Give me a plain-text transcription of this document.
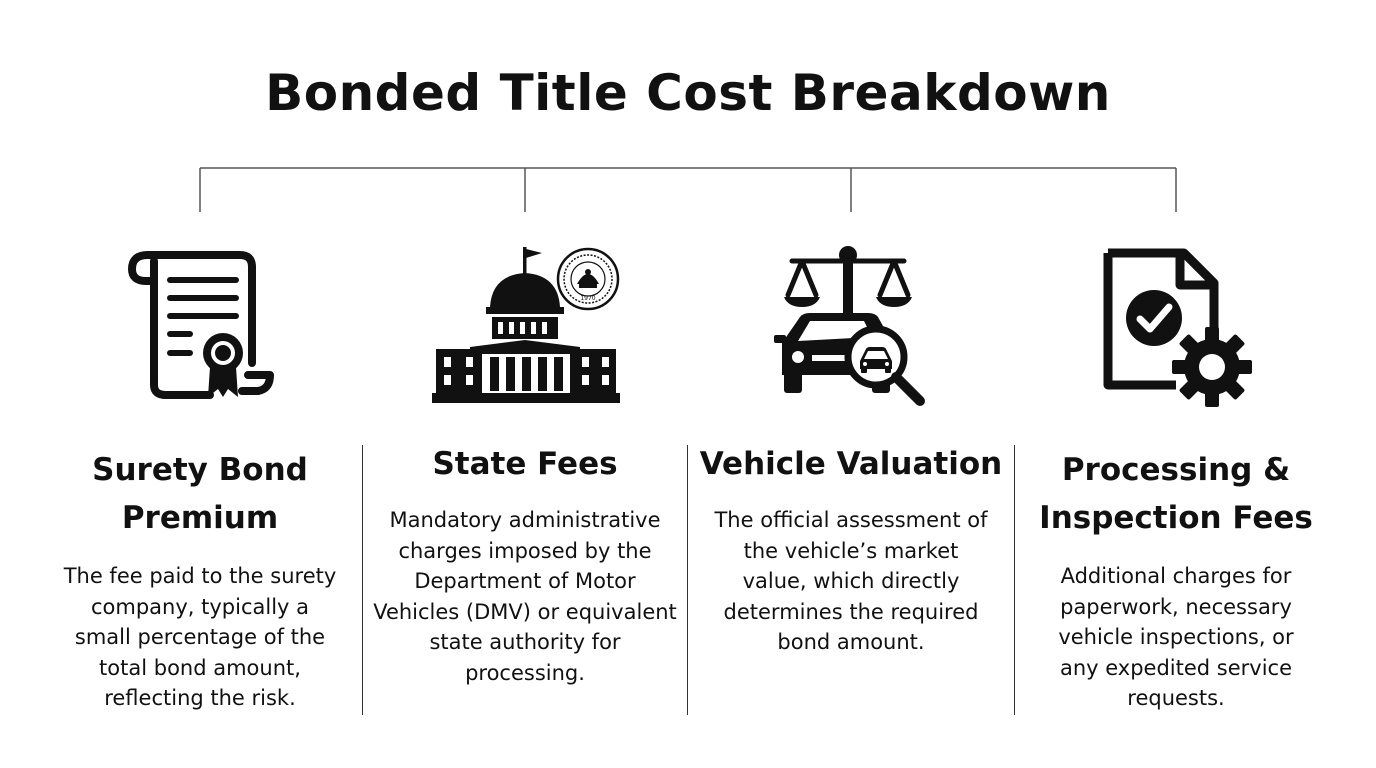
Bonded Title Cost Breakdown
1970
Surety Bond
Premium

The fee paid to the surety company, typically a small percentage of the total bond amount, reflecting the risk.

State Fees

Mandatory administrative charges imposed by the Department of Motor Vehicles (DMV) or equivalent state authority for processing.

Vehicle Valuation

The official assessment of the vehicle’s market value, which directly determines the required bond amount.

Processing &
Inspection Fees

Additional charges for paperwork, necessary vehicle inspections, or any expedited service requests.
